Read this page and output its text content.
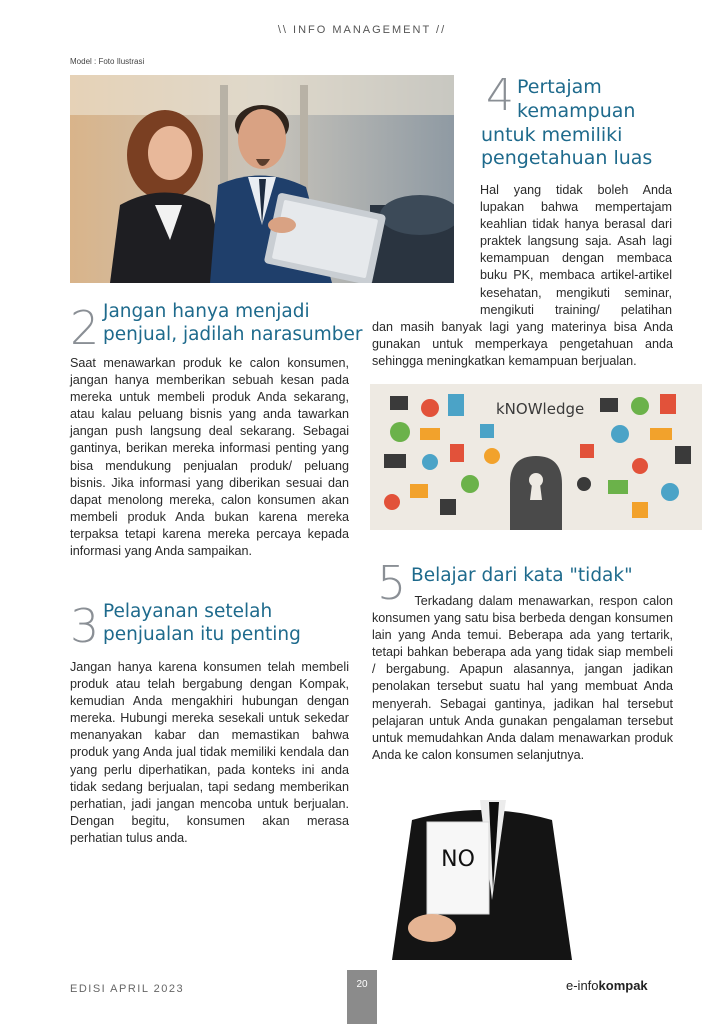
\\ INFO MANAGEMENT //
Model : Foto Ilustrasi
4 Pertajam
kemampuan
untuk memiliki
pengetahuan luas
Hal yang tidak boleh Anda
lupakan bahwa mempertajam
keahlian tidak hanya berasal dari
praktek langsung saja. Asah lagi
kemampuan dengan membaca
buku PK, membaca artikel-artikel
kesehatan, mengikuti seminar,
mengikuti training/ pelatihan
dan masih banyak lagi yang materinya bisa Anda
gunakan untuk memperkaya pengetahuan anda
sehingga meningkatkan kemampuan berjualan.
2 Jangan hanya menjadi
penjual, jadilah narasumber
Saat menawarkan produk ke calon konsumen, jangan hanya memberikan sebuah kesan pada mereka untuk membeli produk Anda sekarang, atau kalau peluang bisnis yang anda tawarkan jangan push langsung deal sekarang. Sebagai gantinya, berikan mereka informasi penting yang bisa mendukung penjualan produk/ peluang bisnis. Jika informasi yang diberikan sesuai dan dapat menolong mereka, calon konsumen akan membeli produk Anda bukan karena mereka terpaksa tetapi karena mereka percaya kepada informasi yang Anda sampaikan.
3 Pelayanan setelah
penjualan itu penting
Jangan hanya karena konsumen telah membeli produk atau telah bergabung dengan Kompak, kemudian Anda mengakhiri hubungan dengan mereka. Hubungi mereka sesekali untuk sekedar menanyakan kabar dan memastikan bahwa produk yang Anda jual tidak memiliki kendala dan yang perlu diperhatikan, pada konteks ini anda tidak sedang berjualan, tapi sedang memberikan perhatian, jadi jangan mencoba untuk berjualan. Dengan begitu, konsumen akan merasa perhatian tulus anda.
kNOWledge
5 Belajar dari kata "tidak"
Terkadang dalam menawarkan, respon calon konsumen yang satu bisa berbeda dengan konsumen lain yang Anda temui. Beberapa ada yang tertarik, tetapi bahkan beberapa ada yang tidak siap membeli / bergabung. Apapun alasannya, jangan jadikan penolakan tersebut suatu hal yang membuat Anda menyerah. Sebagai gantinya, jadikan hal tersebut pelajaran untuk Anda gunakan pengalaman tersebut untuk memudahkan Anda dalam menawarkan produk Anda ke calon konsumen selanjutnya.
NO
EDISI APRIL 2023	20	e-infokompak
